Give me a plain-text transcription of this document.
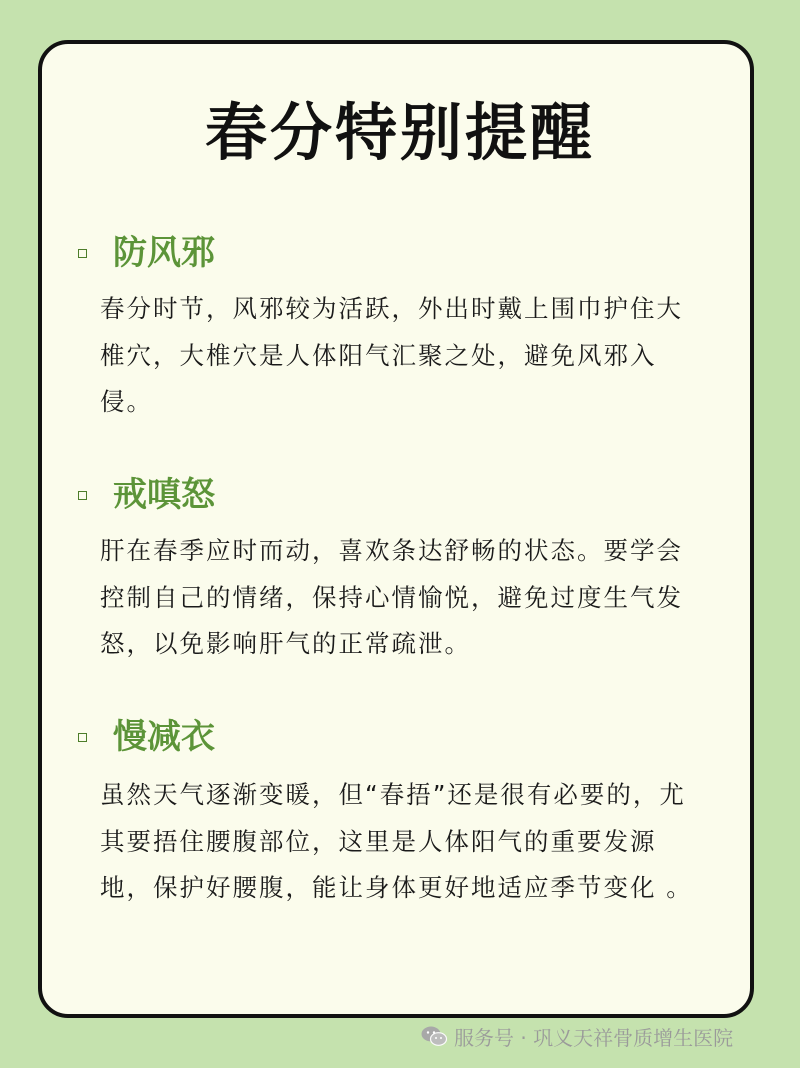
春分特别提醒
防风邪

春分时节，风邪较为活跃，外出时戴上围巾护住大椎穴，大椎穴是人体阳气汇聚之处，避免风邪入侵。

戒嗔怒

肝在春季应时而动，喜欢条达舒畅的状态。要学会控制自己的情绪，保持心情愉悦，避免过度生气发怒，以免影响肝气的正常疏泄。

慢减衣

虽然天气逐渐变暖，但“春捂”还是很有必要的，尤其要捂住腰腹部位，这里是人体阳气的重要发源地，保护好腰腹，能让身体更好地适应季节变化 。

服务号 · 巩义天祥骨质增生医院
